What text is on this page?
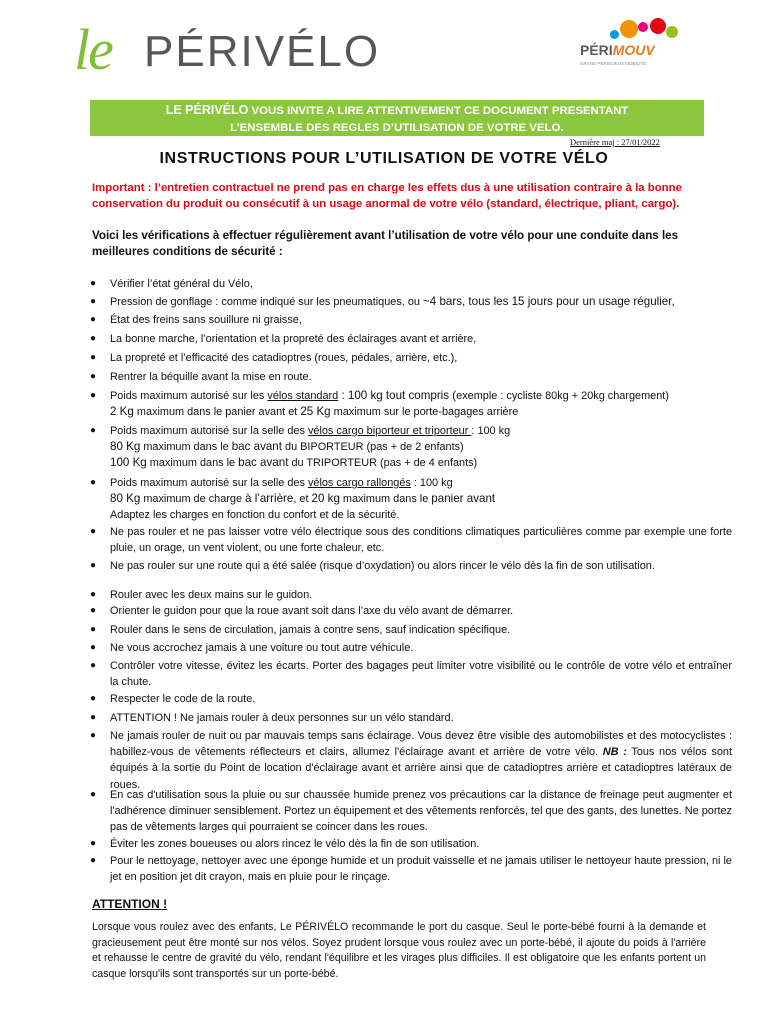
le PÉRIVÉLO	PÉRIMOUV
GRAND PÉRIGUEUX MOBILITÉ
LE PÉRIVÉLO VOUS INVITE A LIRE ATTENTIVEMENT CE DOCUMENT PRESENTANT
L’ENSEMBLE DES REGLES D’UTILISATION DE VOTRE VELO.
Dernière maj : 27/01/2022
INSTRUCTIONS POUR L’UTILISATION DE VOTRE VÉLO
Important : l’entretien contractuel ne prend pas en charge les effets dus à une utilisation contraire à la bonne conservation du produit ou consécutif à un usage anormal de votre vélo (standard, électrique, pliant, cargo).
Voici les vérifications à effectuer régulièrement avant l’utilisation de votre vélo pour une conduite dans les meilleures conditions de sécurité :
● Vérifier l’état général du Vélo,
● Pression de gonflage : comme indiqué sur les pneumatiques, ou ~4 bars, tous les 15 jours pour un usage régulier,
● État des freins sans souillure ni graisse,
● La bonne marche, l’orientation et la propreté des éclairages avant et arrière,
● La propreté et l’efficacité des catadioptres (roues, pédales, arrière, etc.),
● Rentrer la béquille avant la mise en route.
● Poids maximum autorisé sur les vélos standard : 100 kg tout compris (exemple : cycliste 80kg + 20kg chargement)
2 Kg maximum dans le panier avant et 25 Kg maximum sur le porte-bagages arrière
● Poids maximum autorisé sur la selle des vélos cargo biporteur et triporteur : 100 kg
80 Kg maximum dans le bac avant du BIPORTEUR (pas + de 2 enfants)
100 Kg maximum dans le bac avant du TRIPORTEUR (pas + de 4 enfants)
● Poids maximum autorisé sur la selle des vélos cargo rallongés : 100 kg
80 Kg maximum de charge à l’arrière, et 20 kg maximum dans le panier avant
Adaptez les charges en fonction du confort et de la sécurité.
● Ne pas rouler et ne pas laisser votre vélo électrique sous des conditions climatiques particulières comme par exemple une forte pluie, un orage, un vent violent, ou une forte chaleur, etc.
● Ne pas rouler sur une route qui a été salée (risque d’oxydation) ou alors rincer le vélo dès la fin de son utilisation.
● Rouler avec les deux mains sur le guidon.
● Orienter le guidon pour que la roue avant soit dans l’axe du vélo avant de démarrer.
● Rouler dans le sens de circulation, jamais à contre sens, sauf indication spécifique.
● Ne vous accrochez jamais à une voiture ou tout autre véhicule.
● Contrôler votre vitesse, évitez les écarts. Porter des bagages peut limiter votre visibilité ou le contrôle de votre vélo et entraîner la chute.
● Respecter le code de la route.
● ATTENTION ! Ne jamais rouler à deux personnes sur un vélo standard.
● Ne jamais rouler de nuit ou par mauvais temps sans éclairage. Vous devez être visible des automobilistes et des motocyclistes : habillez-vous de vêtements réflecteurs et clairs, allumez l'éclairage avant et arrière de votre vélo. NB : Tous nos vélos sont équipés à la sortie du Point de location d'éclairage avant et arrière ainsi que de catadioptres arrière et catadioptres latéraux de roues.
● En cas d'utilisation sous la pluie ou sur chaussée humide prenez vos précautions car la distance de freinage peut augmenter et l'adhérence diminuer sensiblement. Portez un équipement et des vêtements renforcés, tel que des gants, des lunettes. Ne portez pas de vêtements larges qui pourraient se coincer dans les roues.
● Éviter les zones boueuses ou alors rincez le vélo dès la fin de son utilisation.
● Pour le nettoyage, nettoyer avec une éponge humide et un produit vaisselle et ne jamais utiliser le nettoyeur haute pression, ni le jet en position jet dit crayon, mais en pluie pour le rinçage.
ATTENTION !
Lorsque vous roulez avec des enfants, Le PÉRIVÉLO recommande le port du casque. Seul le porte-bébé fourni à la demande et gracieusement peut être monté sur nos vélos. Soyez prudent lorsque vous roulez avec un porte-bébé, il ajoute du poids à l'arrière et rehausse le centre de gravité du vélo, rendant l'équilibre et les virages plus difficiles. Il est obligatoire que les enfants portent un casque lorsqu'ils sont transportés sur un porte-bébé.
